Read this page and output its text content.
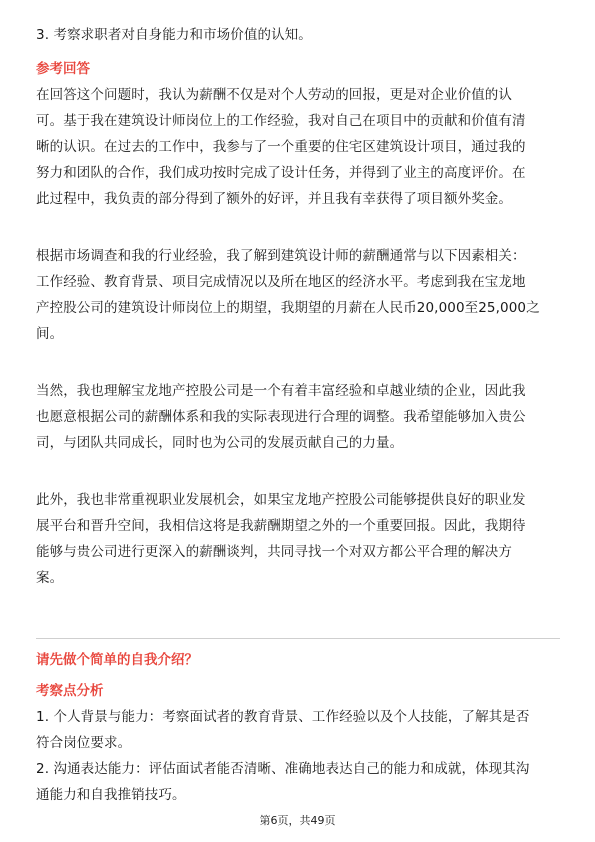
3. 考察求职者对自身能力和市场价值的认知。
参考回答
在回答这个问题时，我认为薪酬不仅是对个人劳动的回报，更是对企业价值的认
可。基于我在建筑设计师岗位上的工作经验，我对自己在项目中的贡献和价值有清
晰的认识。在过去的工作中，我参与了一个重要的住宅区建筑设计项目，通过我的
努力和团队的合作，我们成功按时完成了设计任务，并得到了业主的高度评价。在
此过程中，我负责的部分得到了额外的好评，并且我有幸获得了项目额外奖金。
根据市场调查和我的行业经验，我了解到建筑设计师的薪酬通常与以下因素相关：
工作经验、教育背景、项目完成情况以及所在地区的经济水平。考虑到我在宝龙地
产控股公司的建筑设计师岗位上的期望，我期望的月薪在人民币20,000至25,000之
间。
当然，我也理解宝龙地产控股公司是一个有着丰富经验和卓越业绩的企业，因此我
也愿意根据公司的薪酬体系和我的实际表现进行合理的调整。我希望能够加入贵公
司，与团队共同成长，同时也为公司的发展贡献自己的力量。
此外，我也非常重视职业发展机会，如果宝龙地产控股公司能够提供良好的职业发
展平台和晋升空间，我相信这将是我薪酬期望之外的一个重要回报。因此，我期待
能够与贵公司进行更深入的薪酬谈判，共同寻找一个对双方都公平合理的解决方
案。
请先做个简单的自我介绍？
考察点分析
1. 个人背景与能力：考察面试者的教育背景、工作经验以及个人技能，了解其是否
符合岗位要求。
2. 沟通表达能力：评估面试者能否清晰、准确地表达自己的能力和成就，体现其沟
通能力和自我推销技巧。
第6页，共49页
